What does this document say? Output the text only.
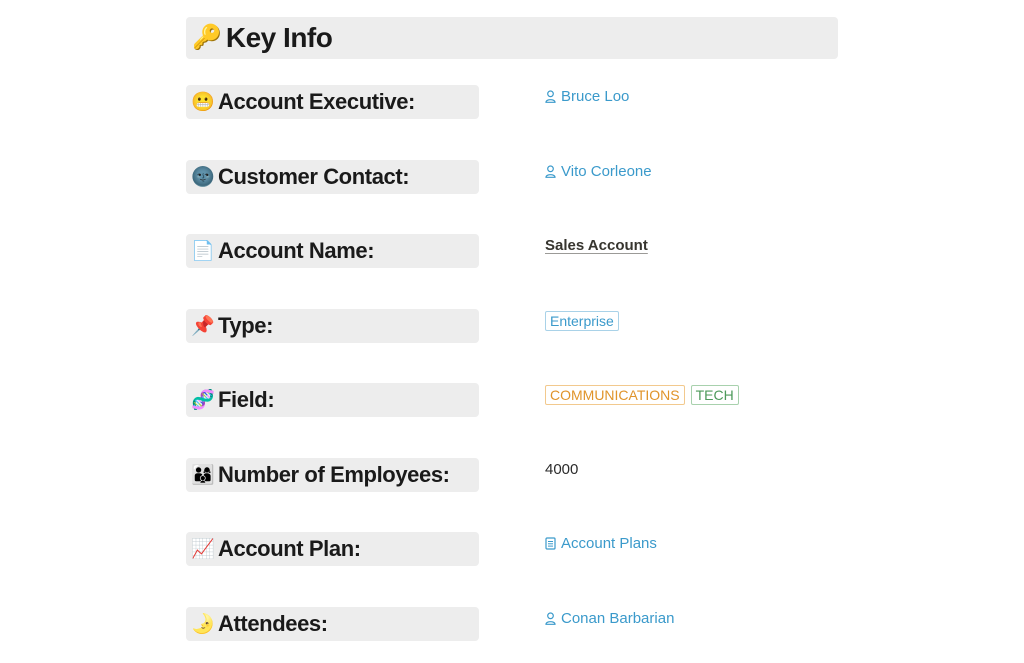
🔑 Key Info
😬 Account Executive:	Bruce Loo
🌚 Customer Contact:	Vito Corleone
📄 Account Name:	Sales Account
📌 Type:	Enterprise
🧬 Field:	COMMUNICATIONS	TECH
👨‍👩‍👦 Number of Employees:	4000
📈 Account Plan:	Account Plans
🌛 Attendees:	Conan Barbarian
